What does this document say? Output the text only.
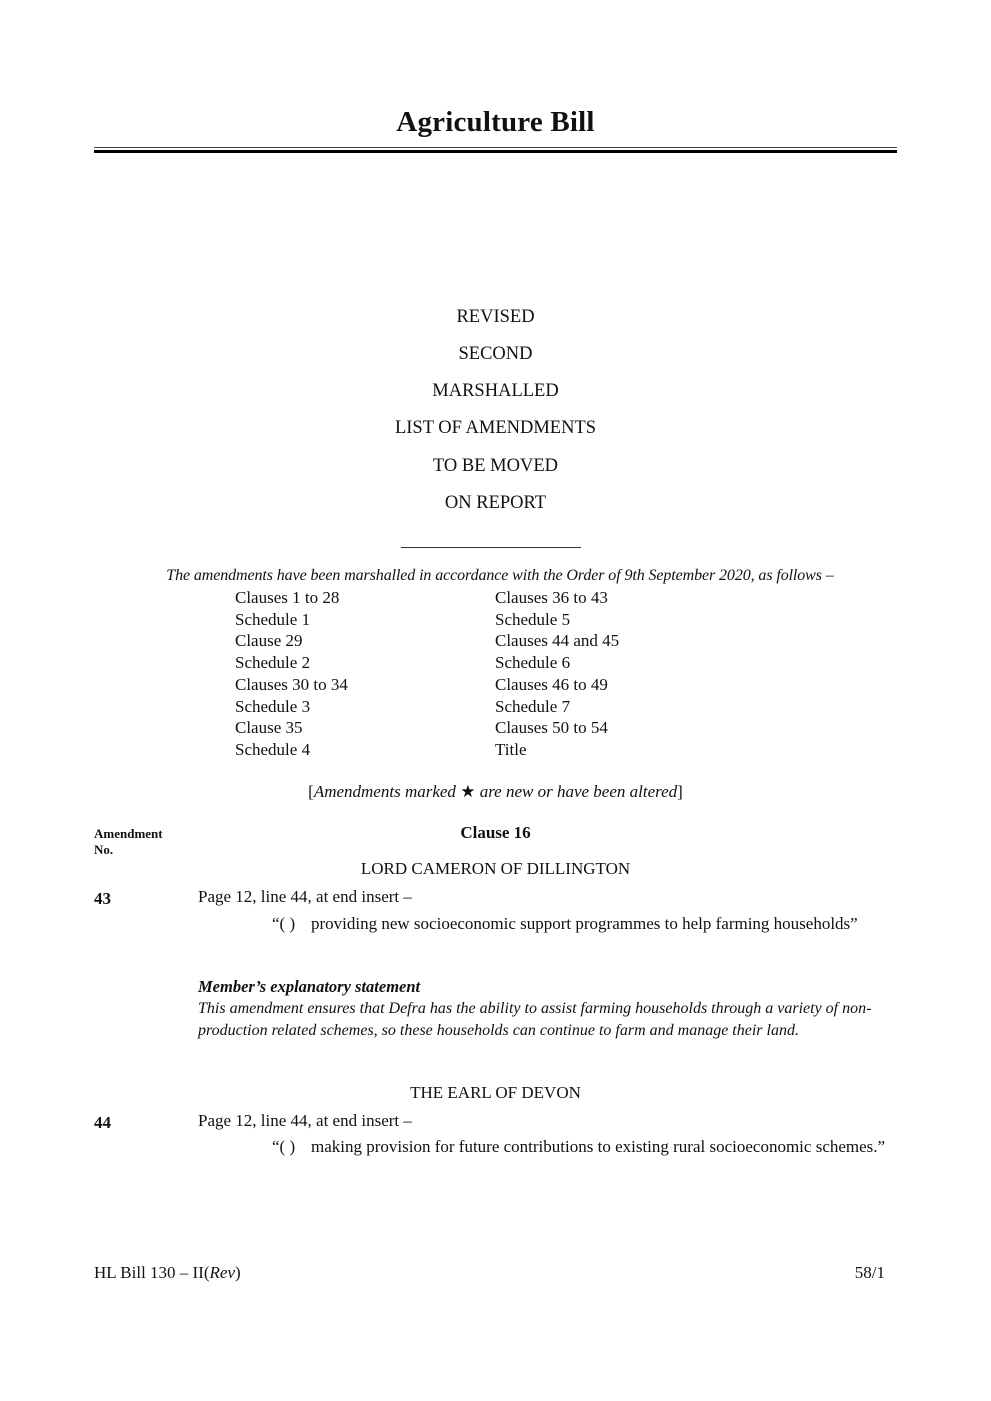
Agriculture Bill
REVISED
SECOND
MARSHALLED
LIST OF AMENDMENTS
TO BE MOVED
ON REPORT
The amendments have been marshalled in accordance with the Order of 9th September 2020, as follows –
Clauses 1 to 28
Schedule 1
Clause 29
Schedule 2
Clauses 30 to 34
Schedule 3
Clause 35
Schedule 4
Clauses 36 to 43
Schedule 5
Clauses 44 and 45
Schedule 6
Clauses 46 to 49
Schedule 7
Clauses 50 to 54
Title
[Amendments marked ★ are new or have been altered]
Amendment
No.
Clause 16
LORD CAMERON OF DILLINGTON
43	Page 12, line 44, at end insert –
“( ) providing new socioeconomic support programmes to help farming households”
Member’s explanatory statement
This amendment ensures that Defra has the ability to assist farming households through a variety of non-production related schemes, so these households can continue to farm and manage their land.
THE EARL OF DEVON
44	Page 12, line 44, at end insert –
“( ) making provision for future contributions to existing rural socioeconomic schemes.”
HL Bill 130 – II(Rev)	58/1
